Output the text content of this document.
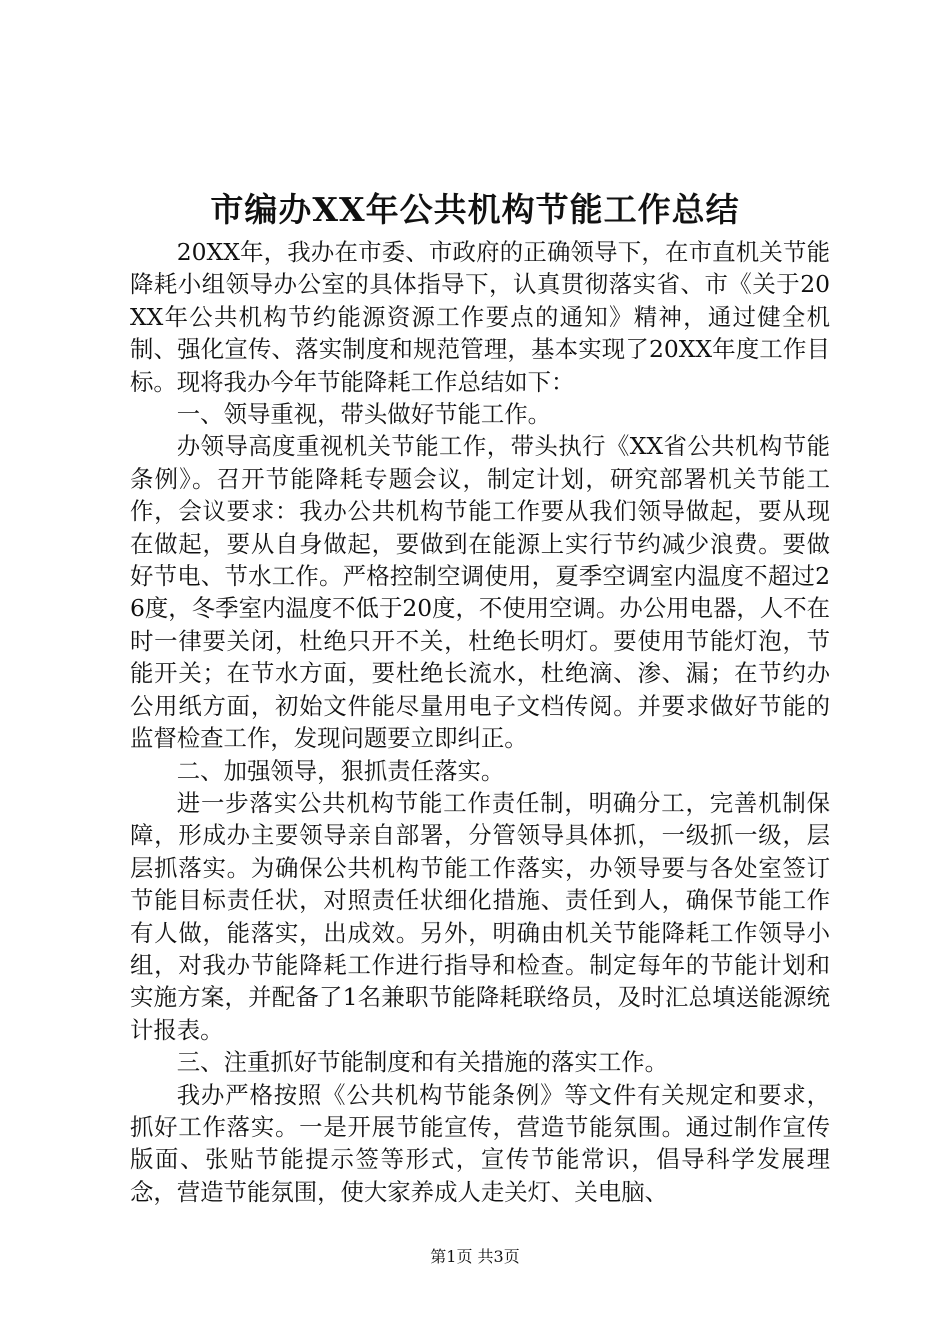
市编办XX年公共机构节能工作总结

20XX年，我办在市委、市政府的正确领导下，在市直机关节能降耗小组领导办公室的具体指导下，认真贯彻落实省、市《关于20XX年公共机构节约能源资源工作要点的通知》精神，通过健全机制、强化宣传、落实制度和规范管理，基本实现了20XX年度工作目标。现将我办今年节能降耗工作总结如下：

一、领导重视，带头做好节能工作。

办领导高度重视机关节能工作，带头执行《XX省公共机构节能条例》。召开节能降耗专题会议，制定计划，研究部署机关节能工作，会议要求：我办公共机构节能工作要从我们领导做起，要从现在做起，要从自身做起，要做到在能源上实行节约减少浪费。要做好节电、节水工作。严格控制空调使用，夏季空调室内温度不超过26度，冬季室内温度不低于20度，不使用空调。办公用电器，人不在时一律要关闭，杜绝只开不关，杜绝长明灯。要使用节能灯泡，节能开关；在节水方面，要杜绝长流水，杜绝滴、渗、漏；在节约办公用纸方面，初始文件能尽量用电子文档传阅。并要求做好节能的监督检查工作，发现问题要立即纠正。

二、加强领导，狠抓责任落实。

进一步落实公共机构节能工作责任制，明确分工，完善机制保障，形成办主要领导亲自部署，分管领导具体抓，一级抓一级，层层抓落实。为确保公共机构节能工作落实，办领导要与各处室签订节能目标责任状，对照责任状细化措施、责任到人，确保节能工作有人做，能落实，出成效。另外，明确由机关节能降耗工作领导小组，对我办节能降耗工作进行指导和检查。制定每年的节能计划和实施方案，并配备了1名兼职节能降耗联络员，及时汇总填送能源统计报表。

三、注重抓好节能制度和有关措施的落实工作。

我办严格按照《公共机构节能条例》等文件有关规定和要求，抓好工作落实。一是开展节能宣传，营造节能氛围。通过制作宣传版面、张贴节能提示签等形式，宣传节能常识，倡导科学发展理念，营造节能氛围，使大家养成人走关灯、关电脑、

第1页 共3页
